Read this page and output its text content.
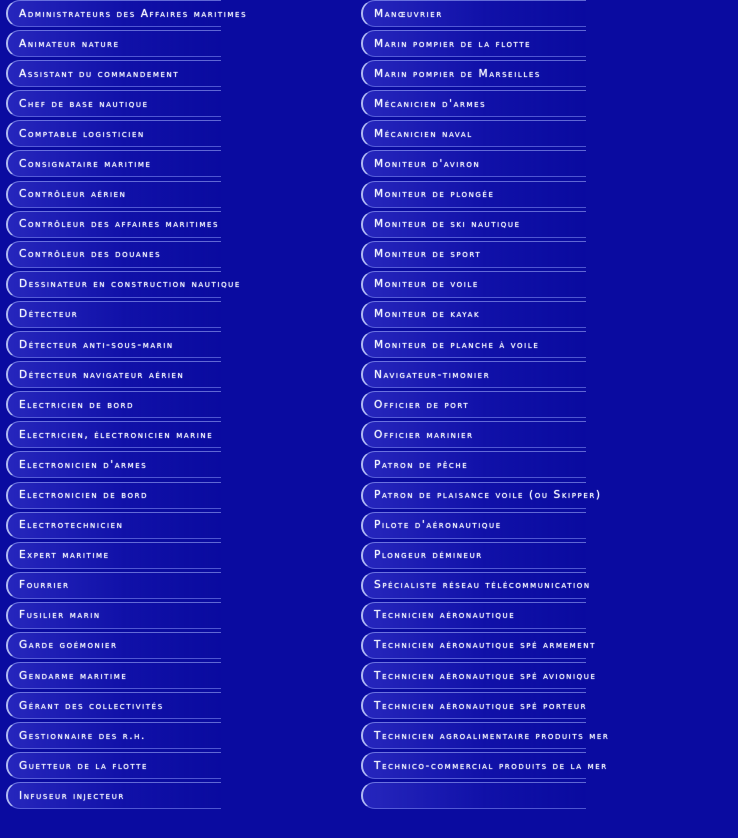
Administrateurs des Affaires maritimes
Animateur nature
Assistant du commandement
Chef de base nautique
Comptable logisticien
Consignataire maritime
Contrôleur aérien
Contrôleur des affaires maritimes
Contrôleur des douanes
Dessinateur en construction nautique
Détecteur
Détecteur anti-sous-marin
Détecteur navigateur aérien
Electricien de bord
Electricien, électronicien marine
Electronicien d'armes
Electronicien de bord
Electrotechnicien
Expert maritime
Fourrier
Fusilier marin
Garde goémonier
Gendarme maritime
Gérant des collectivités
Gestionnaire des r.h.
Guetteur de la flotte
Infuseur injecteur
Manœuvrier
Marin pompier de la flotte
Marin pompier de Marseilles
Mécanicien d'armes
Mécanicien naval
Moniteur d'aviron
Moniteur de plongée
Moniteur de ski nautique
Moniteur de sport
Moniteur de voile
Moniteur de kayak
Moniteur de planche à voile
Navigateur-timonier
Officier de port
Officier marinier
Patron de pêche
Patron de plaisance voile (ou Skipper)
Pilote d'aéronautique
Plongeur démineur
Spécialiste réseau télécommunication
Technicien aéronautique
Technicien aéronautique spé armement
Technicien aéronautique spé avionique
Technicien aéronautique spé porteur
Technicien agroalimentaire produits mer
Technico-commercial produits de la mer
